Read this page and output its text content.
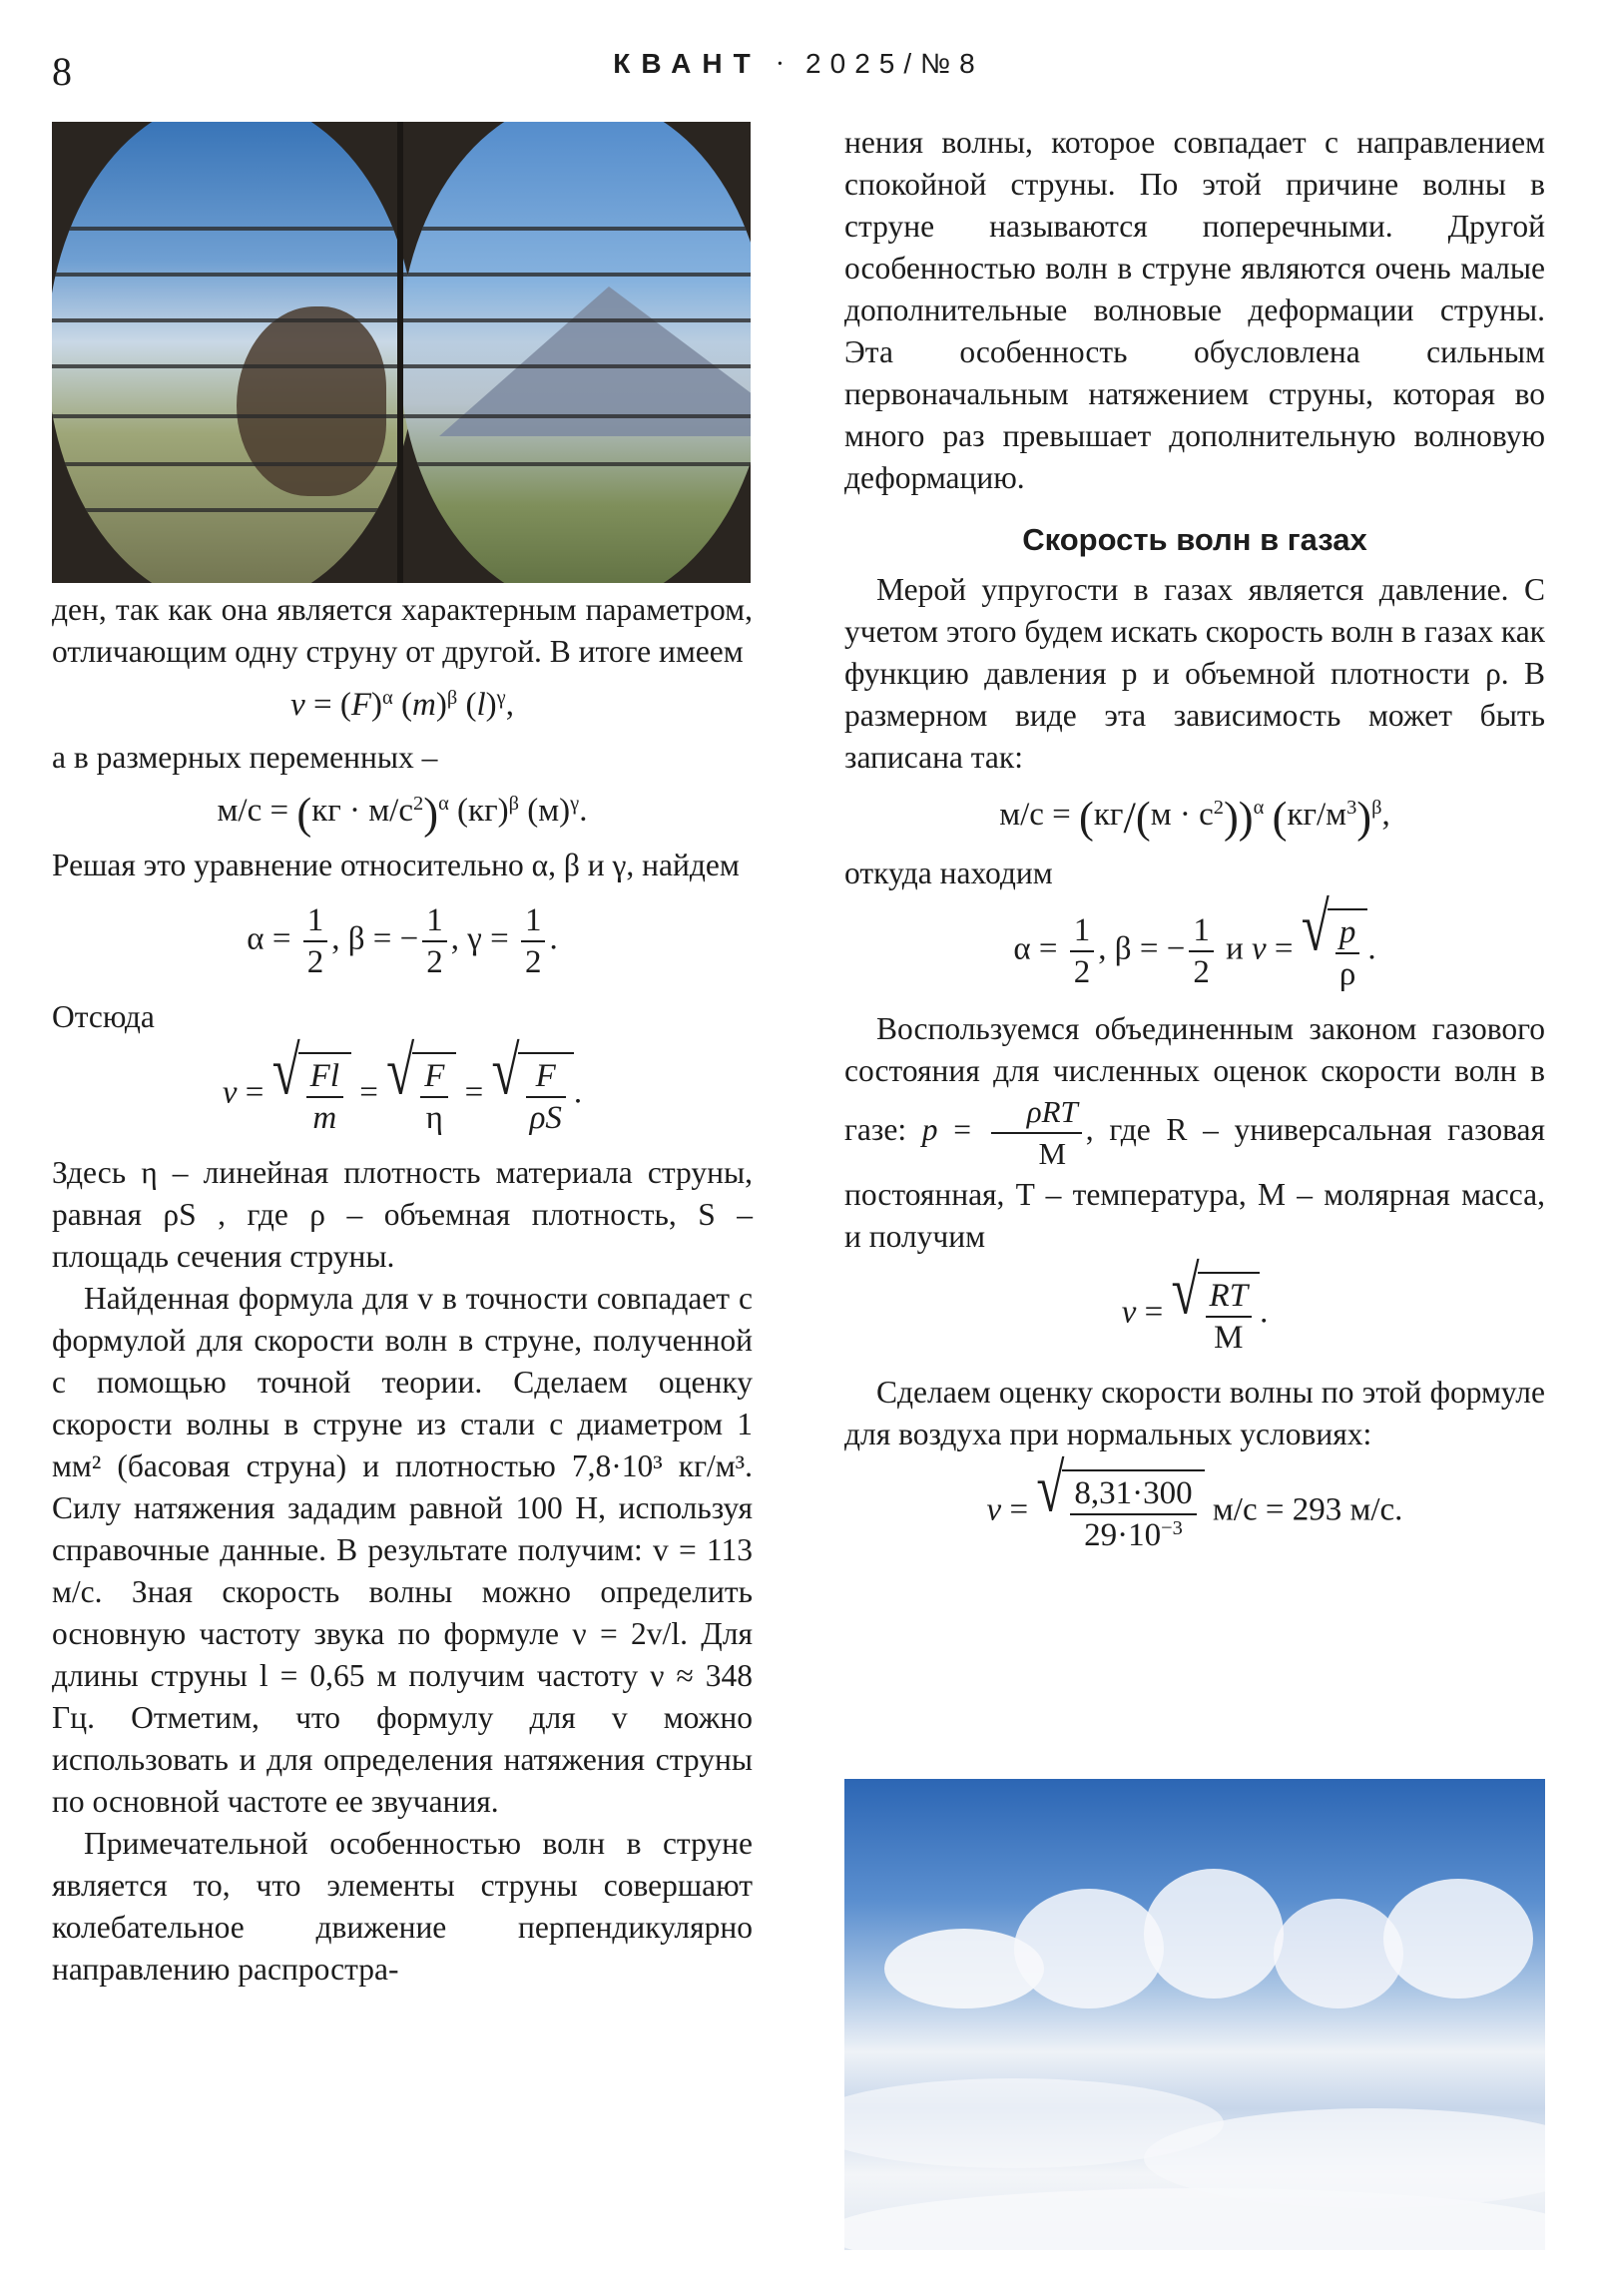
8	КВАНТ · 2025/№8

ден, так как она является характерным параметром, отличающим одну струну от другой. В итоге имеем

$v = (F)^\alpha$ $(m)^\beta$ $(l)^\gamma$,

а в размерных переменных –

$м/с = (кг \cdot м/с^2)^\alpha$ (кг)$^\beta$ $(м)^\gamma$.

Решая это уравнение относительно α, β и γ, найдем

$\alpha = \frac{1}{2}$ , β = − $\frac{1}{2}$ , $\gamma = \frac{1}{2}$ .

Отсюда

v = √ $\frac{Fl}{m}$ = √ $\frac{F}{\eta}$ = √ $\frac{F}{\rho S}$ .

Здесь η – линейная плотность материала струны, равная ρS , где ρ – объемная плотность, S – площадь сечения струны.

Найденная формула для v в точности совпадает с формулой для скорости волн в струне, полученной с помощью точной теории. Сделаем оценку скорости волны в струне из стали с диаметром 1 мм² (басовая струна) и плотностью 7,8·10³ кг/м³. Силу натяжения зададим равной 100 Н, используя справочные данные. В результате получим: v = 113 м/с. Зная скорость волны можно определить основную частоту звука по формуле ν = 2v/l. Для длины струны l = 0,65 м получим частоту ν ≈ 348 Гц. Отметим, что формулу для v можно использовать и для определения натяжения струны по основной частоте ее звучания.

Примечательной особенностью волн в струне является то, что элементы струны совершают колебательное движение перпендикулярно направлению распростра-

нения волны, которое совпадает с направлением спокойной струны. По этой причине волны в струне называются поперечными. Другой особенностью волн в струне являются очень малые дополнительные волновые деформации струны. Эта особенность обусловлена сильным первоначальным натяжением струны, которая во много раз превышает дополнительную волновую деформацию.

Скорость волн в газах

Мерой упругости в газах является давление. С учетом этого будем искать скорость волн в газах как функцию давления p и объемной плотности ρ. В размерном виде эта зависимость может быть записана так:

$м/с = (кг/(м \cdot с^2))^\alpha$ $(кг/м^3)^\beta$,

откуда находим

$\alpha = \frac{1}{2}$ , β = − $\frac{1}{2}$ и v = √ $\frac{p}{\rho}$ .

Воспользуемся объединенным законом газового состояния для численных оценок скорости волн в газе: $p = \frac{\text{ρRT}}{M}$ , где R – универсальная газовая постоянная, T – температура, M – молярная масса, и получим

v = √ $\frac{RT}{M}$ .

Сделаем оценку скорости волны по этой формуле для воздуха при нормальных условиях:

v = √ $\frac{8,31\cdot 300}{29\cdot 10^{-3}} м/с = 293$ м/с.
